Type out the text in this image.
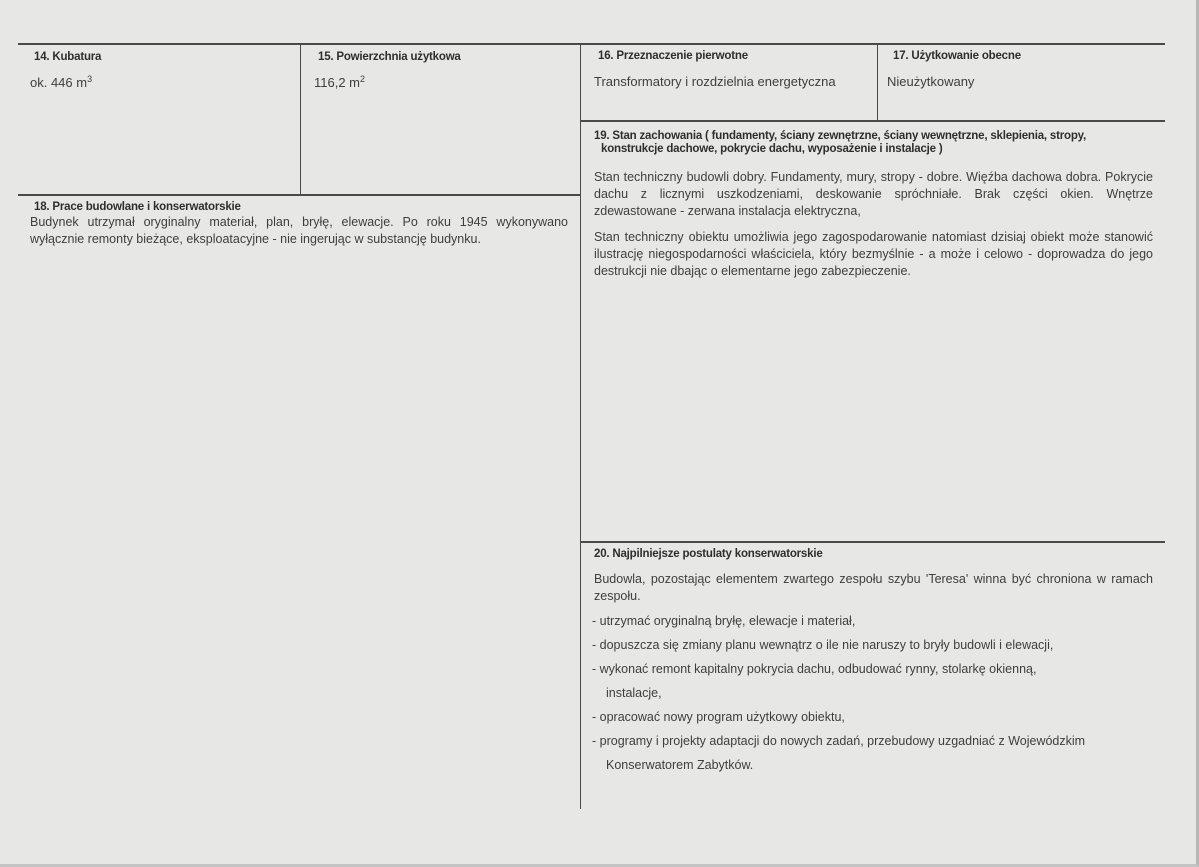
14. Kubatura
ok. 446 $m^3$
15. Powierzchnia użytkowa
116,2 $m^2$
16. Przeznaczenie pierwotne
Transformatory i rozdzielnia energetyczna
17. Użytkowanie obecne
Nieużytkowany
18. Prace budowlane i konserwatorskie
Budynek utrzymał oryginalny materiał, plan, bryłę, elewacje. Po roku 1945 wykonywano wyłącznie remonty bieżące, eksploatacyjne - nie ingerując w substancję budynku.
19. Stan zachowania ( fundamenty, ściany zewnętrzne, ściany wewnętrzne, sklepienia, stropy,
konstrukcje dachowe, pokrycie dachu, wyposażenie i instalacje )
Stan techniczny budowli dobry. Fundamenty, mury, stropy - dobre. Więźba dachowa dobra. Pokrycie dachu z licznymi uszkodzeniami, deskowanie spróchniałe. Brak części okien. Wnętrze zdewastowane - zerwana instalacja elektryczna,
Stan techniczny obiektu umożliwia jego zagospodarowanie natomiast dzisiaj obiekt może stanowić ilustrację niegospodarności właściciela, który bezmyślnie - a może i celowo - doprowadza do jego destrukcji nie dbając o elementarne jego zabezpieczenie.
20. Najpilniejsze postulaty konserwatorskie
Budowla, pozostając elementem zwartego zespołu szybu 'Teresa' winna być chroniona w ramach zespołu.
- utrzymać oryginalną bryłę, elewacje i materiał,
- dopuszcza się zmiany planu wewnątrz o ile nie naruszy to bryły budowli i elewacji,
- wykonać remont kapitalny pokrycia dachu, odbudować rynny, stolarkę okienną,
instalacje,
- opracować nowy program użytkowy obiektu,
- programy i projekty adaptacji do nowych zadań, przebudowy uzgadniać z Wojewódzkim
Konserwatorem Zabytków.
